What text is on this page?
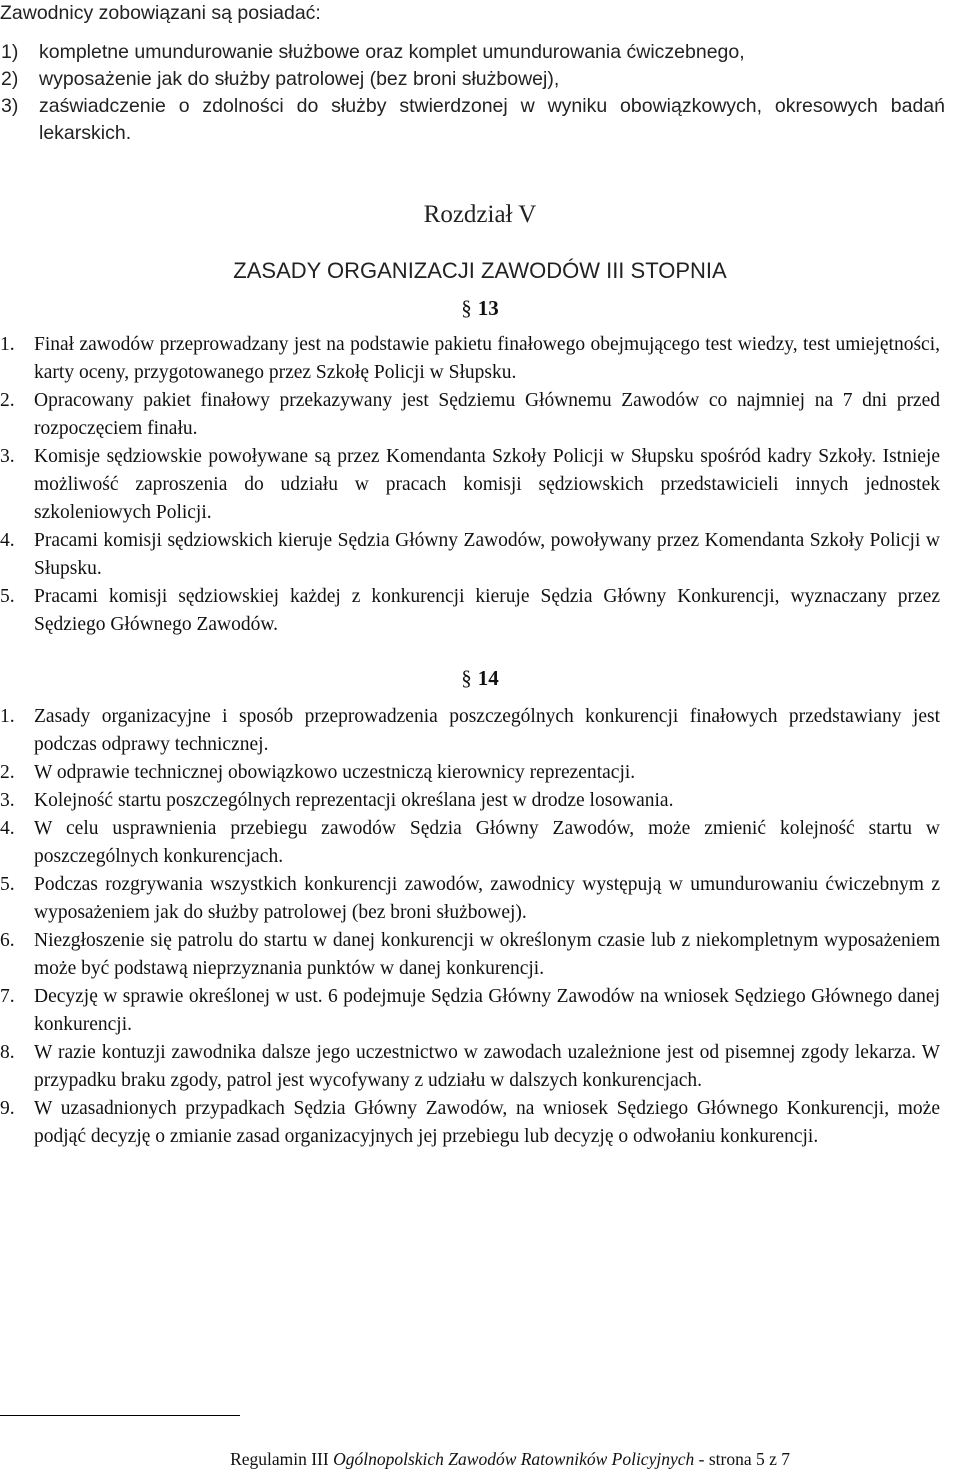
Zawodnicy zobowiązani są posiadać:

1)	kompletne umundurowanie służbowe oraz komplet umundurowania ćwiczebnego,
2)	wyposażenie jak do służby patrolowej (bez broni służbowej),
3)	zaświadczenie o zdolności do służby stwierdzonej w wyniku obowiązkowych, okresowych badań lekarskich.
Rozdział V
ZASADY ORGANIZACJI ZAWODÓW III STOPNIA
§ 13
1. Finał zawodów przeprowadzany jest na podstawie pakietu finałowego obejmującego test wiedzy, test umiejętności, karty oceny, przygotowanego przez Szkołę Policji w Słupsku.
2. Opracowany pakiet finałowy przekazywany jest Sędziemu Głównemu Zawodów co najmniej na 7 dni przed rozpoczęciem finału.
3. Komisje sędziowskie powoływane są przez Komendanta Szkoły Policji w Słupsku spośród kadry Szkoły. Istnieje możliwość zaproszenia do udziału w pracach komisji sędziowskich przedstawicieli innych jednostek szkoleniowych Policji.
4. Pracami komisji sędziowskich kieruje Sędzia Główny Zawodów, powoływany przez Komendanta Szkoły Policji w Słupsku.
5. Pracami komisji sędziowskiej każdej z konkurencji kieruje Sędzia Główny Konkurencji, wyznaczany przez Sędziego Głównego Zawodów.
§ 14
1. Zasady organizacyjne i sposób przeprowadzenia poszczególnych konkurencji finałowych przedstawiany jest podczas odprawy technicznej.
2. W odprawie technicznej obowiązkowo uczestniczą kierownicy reprezentacji.
3. Kolejność startu poszczególnych reprezentacji określana jest w drodze losowania.
4. W celu usprawnienia przebiegu zawodów Sędzia Główny Zawodów, może zmienić kolejność startu w poszczególnych konkurencjach.
5. Podczas rozgrywania wszystkich konkurencji zawodów, zawodnicy występują w umundurowaniu ćwiczebnym z wyposażeniem jak do służby patrolowej (bez broni służbowej).
6. Niezgłoszenie się patrolu do startu w danej konkurencji w określonym czasie lub z niekompletnym wyposażeniem może być podstawą nieprzyznania punktów w danej konkurencji.
7. Decyzję w sprawie określonej w ust. 6 podejmuje Sędzia Główny Zawodów na wniosek Sędziego Głównego danej konkurencji.
8. W razie kontuzji zawodnika dalsze jego uczestnictwo w zawodach uzależnione jest od pisemnej zgody lekarza. W przypadku braku zgody, patrol jest wycofywany z udziału w dalszych konkurencjach.
9. W uzasadnionych przypadkach Sędzia Główny Zawodów, na wniosek Sędziego Głównego Konkurencji, może podjąć decyzję o zmianie zasad organizacyjnych jej przebiegu lub decyzję o odwołaniu konkurencji.
Regulamin III Ogólnopolskich Zawodów Ratowników Policyjnych - strona 5 z 7
